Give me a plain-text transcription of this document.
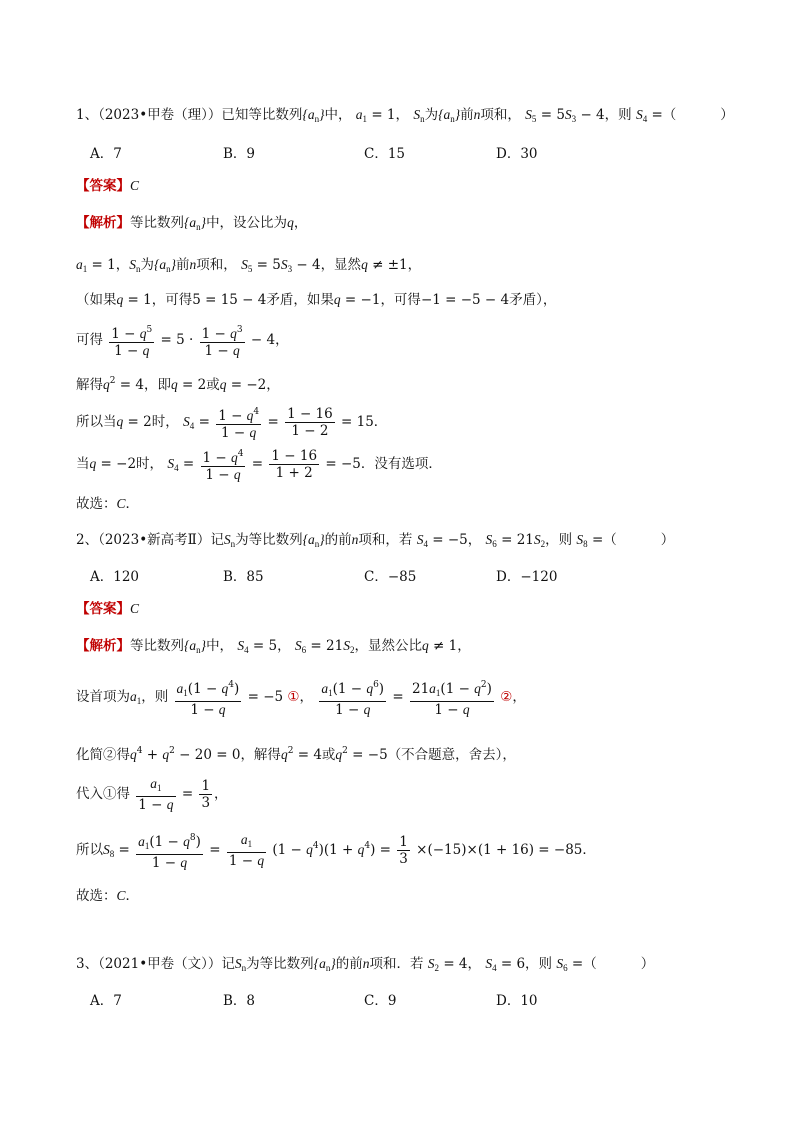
1、（2023•甲卷（理））已知等比数列$\{a_n\}$中， $a_1 = 1$， $S_n$为$\{a_n\}$前n项和， $S_5 = 5S_3 - 4$，则 $S_4$ =（	）
A．7	B．9	C．15	D．30
【答案】C
【解析】等比数列$\{a_n\}$中，设公比为q，
$a_1 = 1$，$S_n$为$\{a_n\}$前n项和， $S_5 = 5S_3 - 4$，显然q ≠ ±1，
（如果q = 1，可得5 = 15 − 4矛盾，如果q = −1，可得−1 = −5 − 4矛盾），
可得 $\frac{1 - q^5}{1 - q} = 5 \cdot \frac{1 - q^3}{1 - q} - 4$，
解得$q^2 = 4$，即q = 2或q = −2，
所以当q = 2时， $S_4 = \frac{1 - q^4}{1 - q} = \frac{1 - 16}{1 - 2} = 15$．
当q = −2时， $S_4 = \frac{1 - q^4}{1 - q} = \frac{1 - 16}{1 + 2} = -5$．没有选项．
故选：C．
2、（2023•新高考Ⅱ）记$S_n$为等比数列$\{a_n\}$的前n项和，若 $S_4 = -5$， $S_6 = 21S_2$，则 $S_8$ =（	）
A．120	B．85	C．−85	D．−120
【答案】C
【解析】等比数列$\{a_n\}$中， $S_4 = 5$， $S_6 = 21S_2$，显然公比q ≠ 1，
设首项为$a_1$，则 $\frac{a_1(1 - q^4)}{1 - q} = -5$ ①， $\frac{a_1(1 - q^6)}{1 - q} = \frac{21a_1(1 - q^2)}{1 - q}$ ②，
化简②得$q^4 + q^2 - 20 = 0$，解得$q^2 = 4$或$q^2 = -5$（不合题意，舍去），
代入①得 $\frac{a_1}{1 - q} = \frac{1}{3}$ ，
所以$S_8 = \frac{a_1(1 - q^8)}{1 - q} = \frac{a_1}{1 - q} (1 - q^4)(1 + q^4) = \frac{1}{3} \times(-15)\times(1 + 16) = -85$．
故选：C．
3、（2021•甲卷（文））记$S_n$为等比数列$\{a_n\}$的前n项和．若 $S_2 = 4$， $S_4 = 6$，则 $S_6$ =（	）
A．7	B．8	C．9	D．10
